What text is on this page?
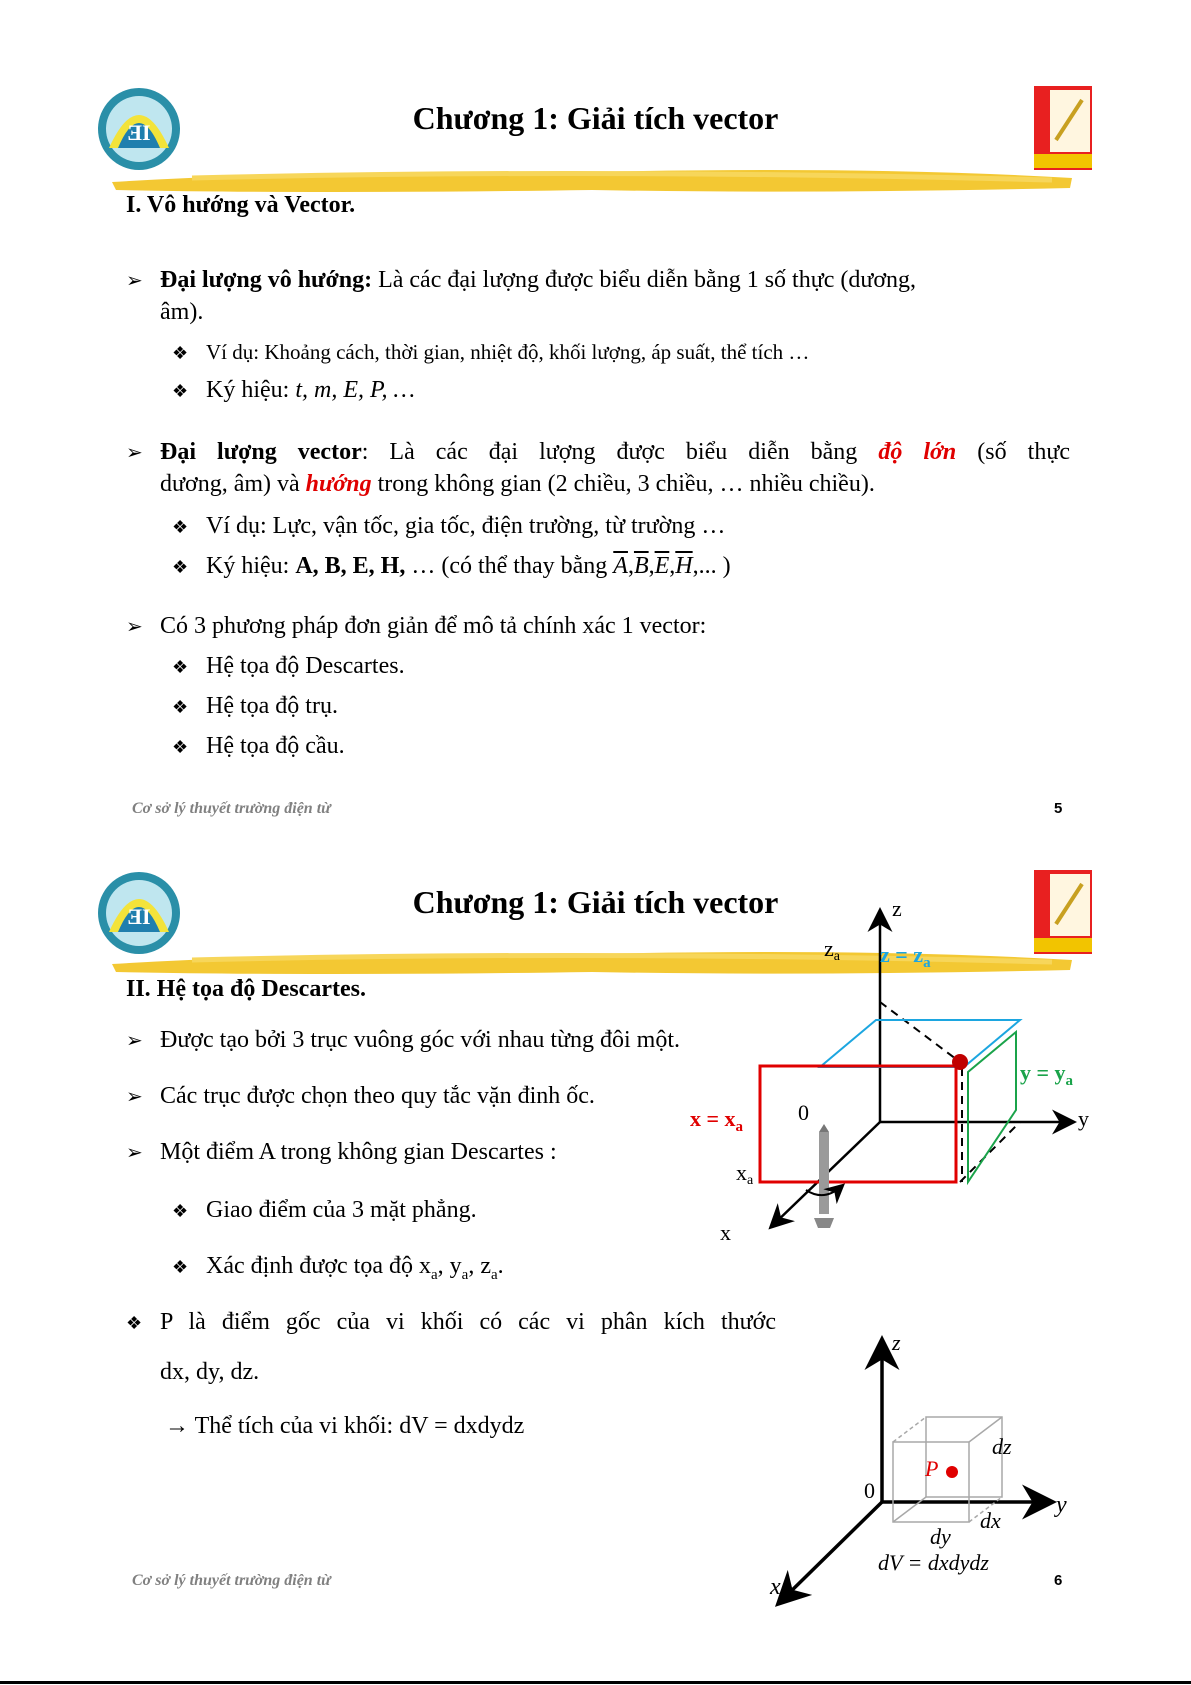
ƎI	Chương 1: Giải tích vector
I. Vô hướng và Vector.
➢ Đại lượng vô hướng: Là các đại lượng được biểu diễn bằng 1 số thực (dương,
âm).
❖ Ví dụ: Khoảng cách, thời gian, nhiệt độ, khối lượng, áp suất, thể tích …
❖ Ký hiệu: t, m, E, P, …
➢ Đại lượng vector: Là các đại lượng được biểu diễn bằng độ lớn (số thực
dương, âm) và hướng trong không gian (2 chiều, 3 chiều, … nhiều chiều).
❖ Ví dụ: Lực, vận tốc, gia tốc, điện trường, từ trường …
❖ Ký hiệu: A, B, E, H, … (có thể thay bằng $\overline{A},\overline{B},\overline{E},\overline{H}$,... )
➢ Có 3 phương pháp đơn giản để mô tả chính xác 1 vector:
❖ Hệ tọa độ Descartes.
❖ Hệ tọa độ trụ.
❖ Hệ tọa độ cầu.
Cơ sở lý thuyết trường điện từ	5
ƎI	Chương 1: Giải tích vector
II. Hệ tọa độ Descartes.
➢ Được tạo bởi 3 trục vuông góc với nhau từng đôi một.
➢ Các trục được chọn theo quy tắc vặn đinh ốc.
➢ Một điểm A trong không gian Descartes :
❖ Giao điểm của 3 mặt phẳng.
❖ Xác định được tọa độ $x_a$, $y_a$, $z_a$.
❖ P là điểm gốc của vi khối có các vi phân kích thước
dx, dy, dz.
→ Thể tích của vi khối: dV = dxdydz
z
y
x
0
za
xa
$z = z_a$
$y = y_a$
$x = x_a$
z
y
x
0
P
dz
dx
dy
dV = dxdydz
Cơ sở lý thuyết trường điện từ	6
